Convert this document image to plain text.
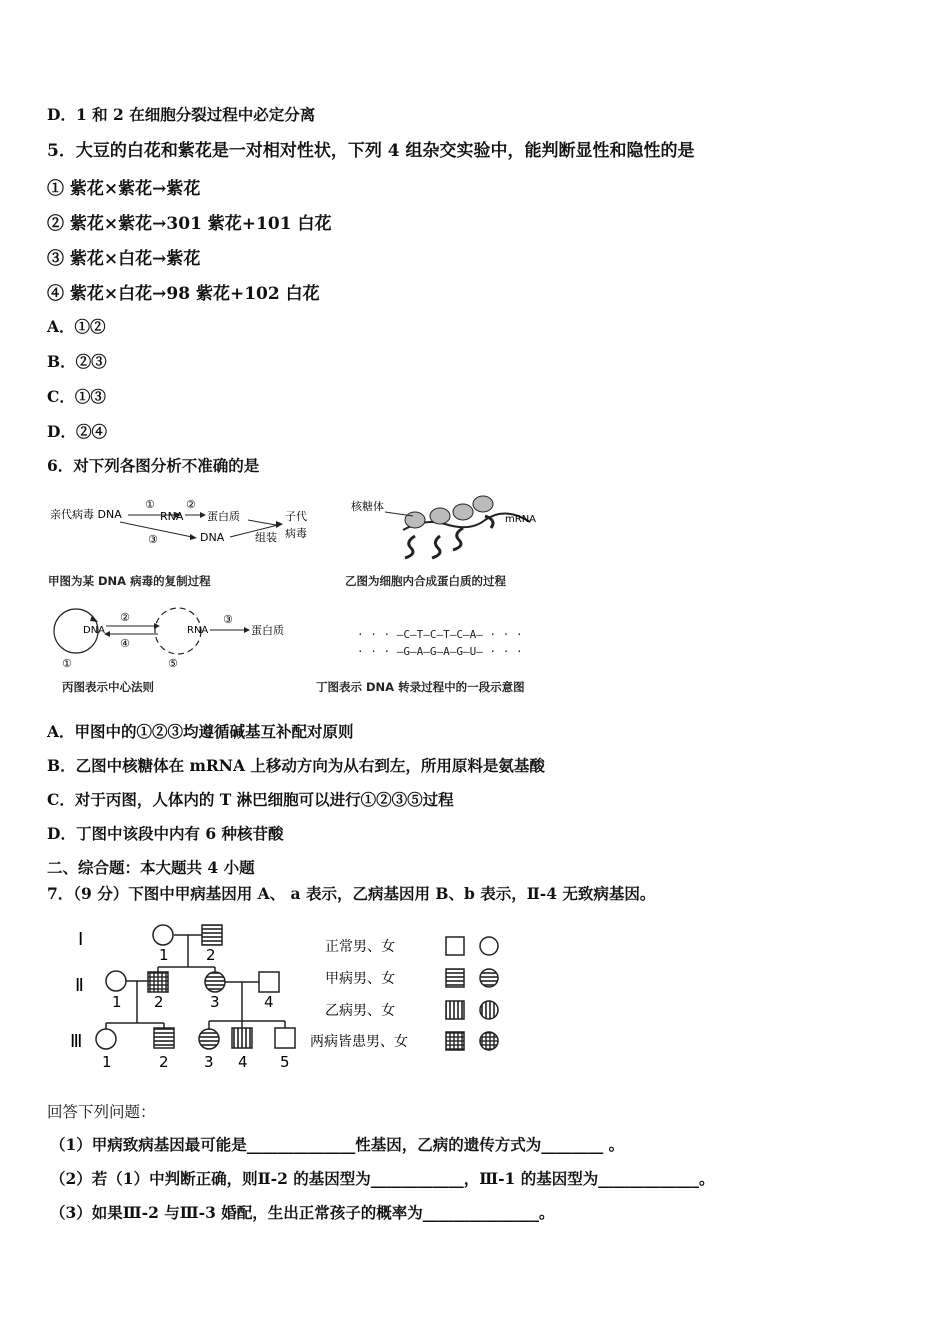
D．1 和 2 在细胞分裂过程中必定分离
5．大豆的白花和紫花是一对相对性状，下列 4 组杂交实验中，能判断显性和隐性的是
① 紫花×紫花→紫花
② 紫花×紫花→301 紫花+101 白花
③ 紫花×白花→紫花
④ 紫花×白花→98 紫花+102 白花
A．①②
B．②③
C．①③
D．②④
6．对下列各图分析不准确的是
亲代病毒 DNA
①
RNA
②
蛋白质
③	DNA
子代
组装 病毒
甲图为某 DNA 病毒的复制过程
核糖体
mRNA
乙图为细胞内合成蛋白质的过程
DNA
②
④
RNA
③
蛋白质
①	⑤
丙图表示中心法则
· · · –C–T–C–T–C–A– · · ·
· · · –G–A–G–A–G–U– · · ·
丁图表示 DNA 转录过程中的一段示意图
A．甲图中的①②③均遵循碱基互补配对原则
B．乙图中核糖体在 mRNA 上移动方向为从右到左，所用原料是氨基酸
C．对于丙图，人体内的 T 淋巴细胞可以进行①②③⑤过程
D．丁图中该段中内有 6 种核苷酸
二、综合题：本大题共 4 小题
7．（9 分）下图中甲病基因用 A、 a 表示，乙病基因用 B、b 表示，Ⅱ-4 无致病基因。
Ⅰ
Ⅱ
Ⅲ
1 2
1 2	3	4
1	2 3 4 5
正常男、女
甲病男、女
乙病男、女
两病皆患男、女
回答下列问题：
（1）甲病致病基因最可能是______________性基因，乙病的遗传方式为________ 。
（2）若（1）中判断正确，则Ⅱ-2 的基因型为____________，Ⅲ-1 的基因型为_____________。
（3）如果Ⅲ-2 与Ⅲ-3 婚配，生出正常孩子的概率为_______________。
